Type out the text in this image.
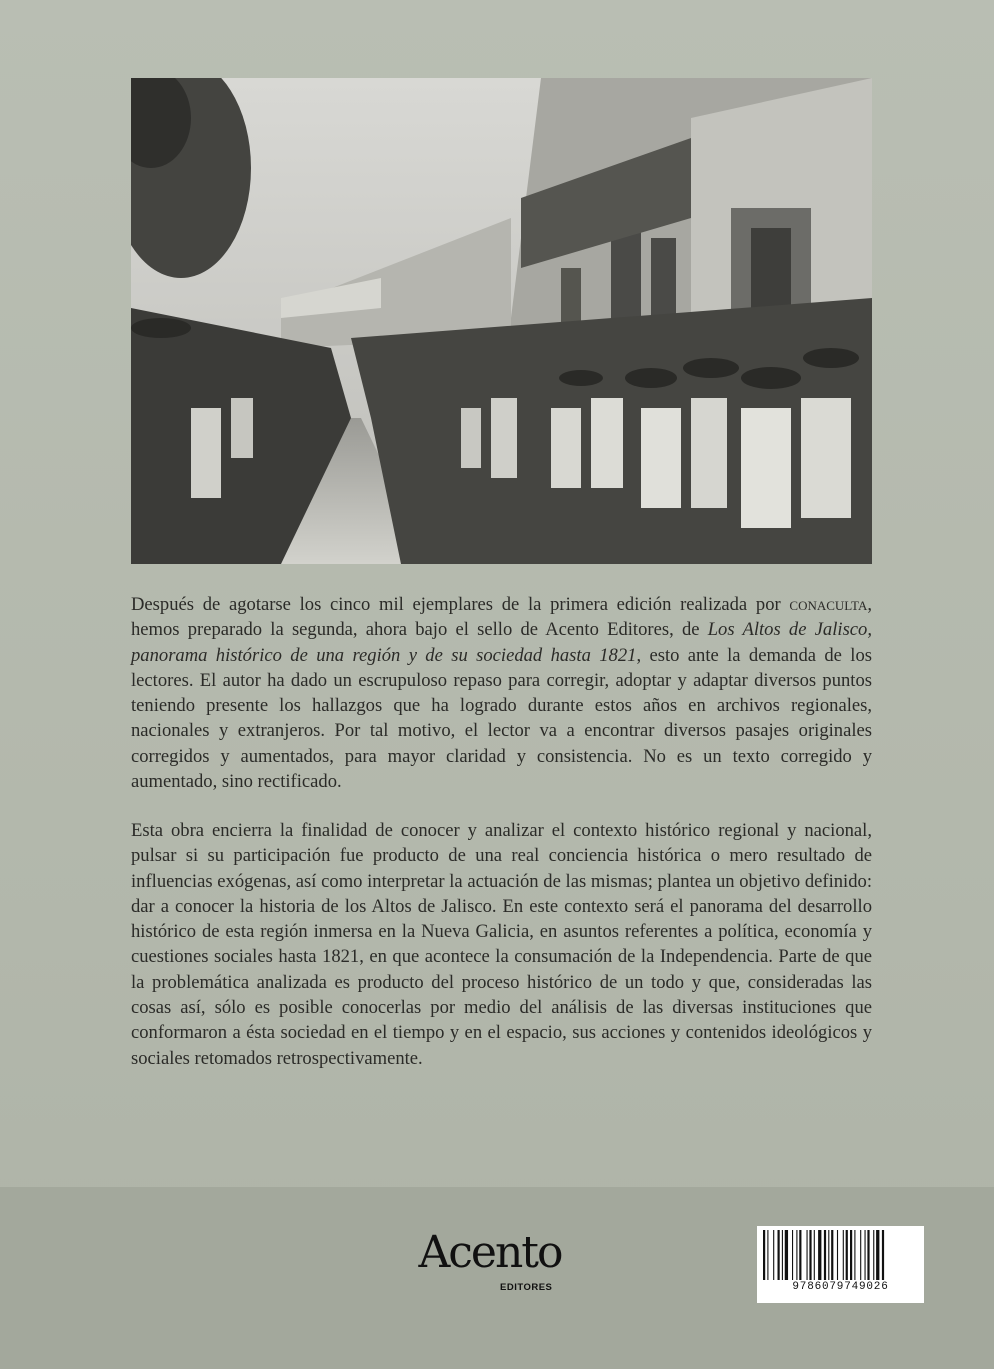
Después de agotarse los cinco mil ejemplares de la primera edición realizada por conaculta, hemos preparado la segunda, ahora bajo el sello de Acento Editores, de Los Altos de Jalisco, panorama histórico de una región y de su sociedad hasta 1821, esto ante la demanda de los lectores. El autor ha dado un escrupuloso repaso para corregir, adoptar y adaptar diversos puntos teniendo presente los hallazgos que ha logrado durante estos años en archivos regionales, nacionales y extranjeros. Por tal motivo, el lector va a encontrar diversos pasajes originales corregidos y aumentados, para mayor claridad y consistencia. No es un texto corregido y aumentado, sino rectificado.

Esta obra encierra la finalidad de conocer y analizar el contexto histórico regional y nacional, pulsar si su participación fue producto de una real conciencia histórica o mero resultado de influencias exógenas, así como interpretar la actuación de las mismas; plantea un objetivo definido: dar a conocer la historia de los Altos de Jalisco. En este contexto será el panorama del desarrollo histórico de esta región inmersa en la Nueva Galicia, en asuntos referentes a política, economía y cuestiones sociales hasta 1821, en que acontece la consumación de la Independencia. Parte de que la problemática analizada es producto del proceso histórico de un todo y que, consideradas las cosas así, sólo es posible conocerlas por medio del análisis de las diversas instituciones que conformaron a ésta sociedad en el tiempo y en el espacio, sus acciones y contenidos ideológicos y sociales retomados retrospectivamente.

Acento
EDITORES	9786079749026
